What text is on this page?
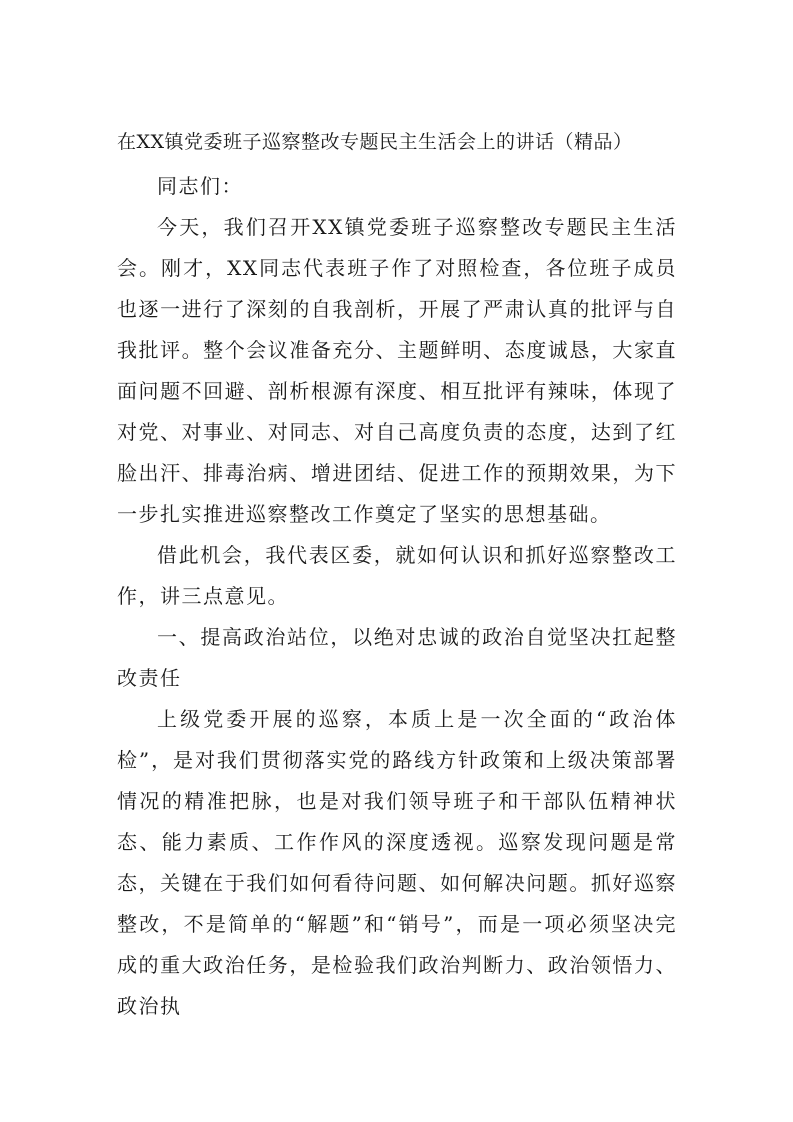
在XX镇党委班子巡察整改专题民主生活会上的讲话（精品）

同志们：

今天，我们召开XX镇党委班子巡察整改专题民主生活会。刚才，XX同志代表班子作了对照检查，各位班子成员也逐一进行了深刻的自我剖析，开展了严肃认真的批评与自我批评。整个会议准备充分、主题鲜明、态度诚恳，大家直面问题不回避、剖析根源有深度、相互批评有辣味，体现了对党、对事业、对同志、对自己高度负责的态度，达到了红脸出汗、排毒治病、增进团结、促进工作的预期效果，为下一步扎实推进巡察整改工作奠定了坚实的思想基础。

借此机会，我代表区委，就如何认识和抓好巡察整改工作，讲三点意见。

一、提高政治站位，以绝对忠诚的政治自觉坚决扛起整改责任

上级党委开展的巡察，本质上是一次全面的“政治体检”，是对我们贯彻落实党的路线方针政策和上级决策部署情况的精准把脉，也是对我们领导班子和干部队伍精神状态、能力素质、工作作风的深度透视。巡察发现问题是常态，关键在于我们如何看待问题、如何解决问题。抓好巡察整改，不是简单的“解题”和“销号”，而是一项必须坚决完成的重大政治任务，是检验我们政治判断力、政治领悟力、政治执
